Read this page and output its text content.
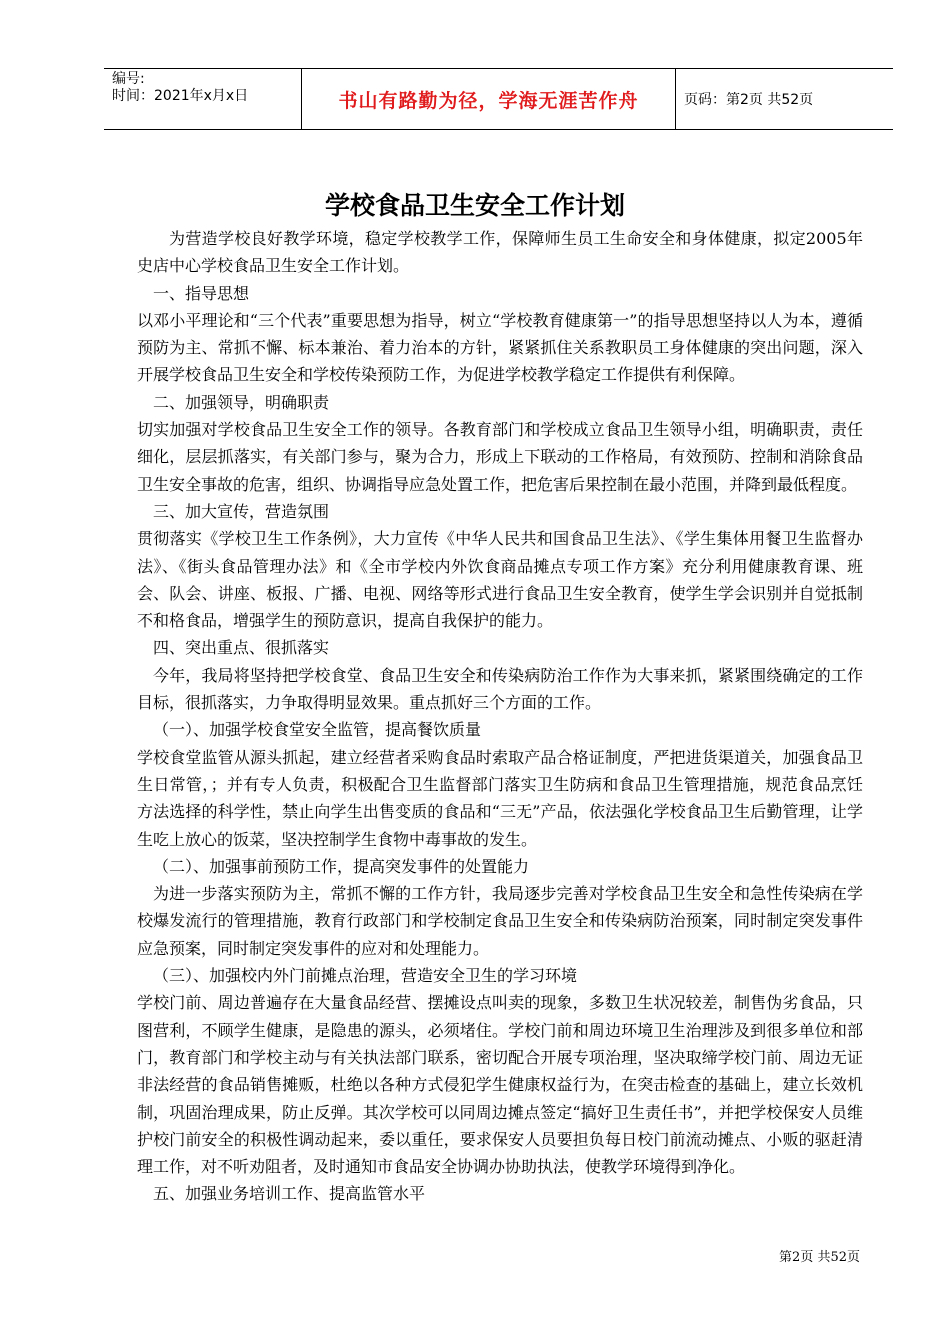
编号:
时间：2021年x月x日	书山有路勤为径，学海无涯苦作舟	页码：第2页 共52页
学校食品卫生安全工作计划

为营造学校良好教学环境，稳定学校教学工作，保障师生员工生命安全和身体健康，拟定2005年 史店中心学校食品卫生安全工作计划。

一、指导思想

以邓小平理论和“三个代表”重要思想为指导，树立“学校教育健康第一”的指导思想坚持以人为本，遵循预防为主、常抓不懈、标本兼治、着力治本的方针，紧紧抓住关系教职员工身体健康的突出问题，深入开展学校食品卫生安全和学校传染预防工作，为促进学校教学稳定工作提供有利保障。

二、加强领导，明确职责

切实加强对学校食品卫生安全工作的领导。各教育部门和学校成立食品卫生领导小组，明确职责，责任细化，层层抓落实，有关部门参与，聚为合力，形成上下联动的工作格局，有效预防、控制和消除食品卫生安全事故的危害，组织、协调指导应急处置工作，把危害后果控制在最小范围，并降到最低程度。

三、加大宣传，营造氛围

贯彻落实《学校卫生工作条例》，大力宣传《中华人民共和国食品卫生法》、《学生集体用餐卫生监督办法》、《街头食品管理办法》和《全市学校内外饮食商品摊点专项工作方案》充分利用健康教育课、班会、队会、讲座、板报、广播、电视、网络等形式进行食品卫生安全教育，使学生学会识别并自觉抵制不和格食品，增强学生的预防意识，提高自我保护的能力。

四、突出重点、很抓落实

今年，我局将坚持把学校食堂、食品卫生安全和传染病防治工作作为大事来抓，紧紧围绕确定的工作目标，很抓落实，力争取得明显效果。重点抓好三个方面的工作。

（一）、加强学校食堂安全监管，提高餐饮质量

学校食堂监管从源头抓起，建立经营者采购食品时索取产品合格证制度，严把进货渠道关，加强食品卫生日常管，；并有专人负责，积极配合卫生监督部门落实卫生防病和食品卫生管理措施，规范食品烹饪方法选择的科学性，禁止向学生出售变质的食品和“三无”产品，依法强化学校食品卫生后勤管理，让学生吃上放心的饭菜，坚决控制学生食物中毒事故的发生。

（二）、加强事前预防工作，提高突发事件的处置能力

为进一步落实预防为主，常抓不懈的工作方针，我局逐步完善对学校食品卫生安全和急性传染病在学校爆发流行的管理措施，教育行政部门和学校制定食品卫生安全和传染病防治预案，同时制定突发事件应急预案，同时制定突发事件的应对和处理能力。

（三）、加强校内外门前摊点治理，营造安全卫生的学习环境

学校门前、周边普遍存在大量食品经营、摆摊设点叫卖的现象，多数卫生状况较差，制售伪劣食品，只图营利，不顾学生健康，是隐患的源头，必须堵住。学校门前和周边环境卫生治理涉及到很多单位和部门，教育部门和学校主动与有关执法部门联系，密切配合开展专项治理，坚决取缔学校门前、周边无证非法经营的食品销售摊贩，杜绝以各种方式侵犯学生健康权益行为，在突击检查的基础上，建立长效机制，巩固治理成果，防止反弹。其次学校可以同周边摊点签定“搞好卫生责任书”，并把学校保安人员维护校门前安全的积极性调动起来，委以重任，要求保安人员要担负每日校门前流动摊点、小贩的驱赶清理工作，对不听劝阻者，及时通知市食品安全协调办协助执法，使教学环境得到净化。

五、加强业务培训工作、提高监管水平

第2页 共52页
